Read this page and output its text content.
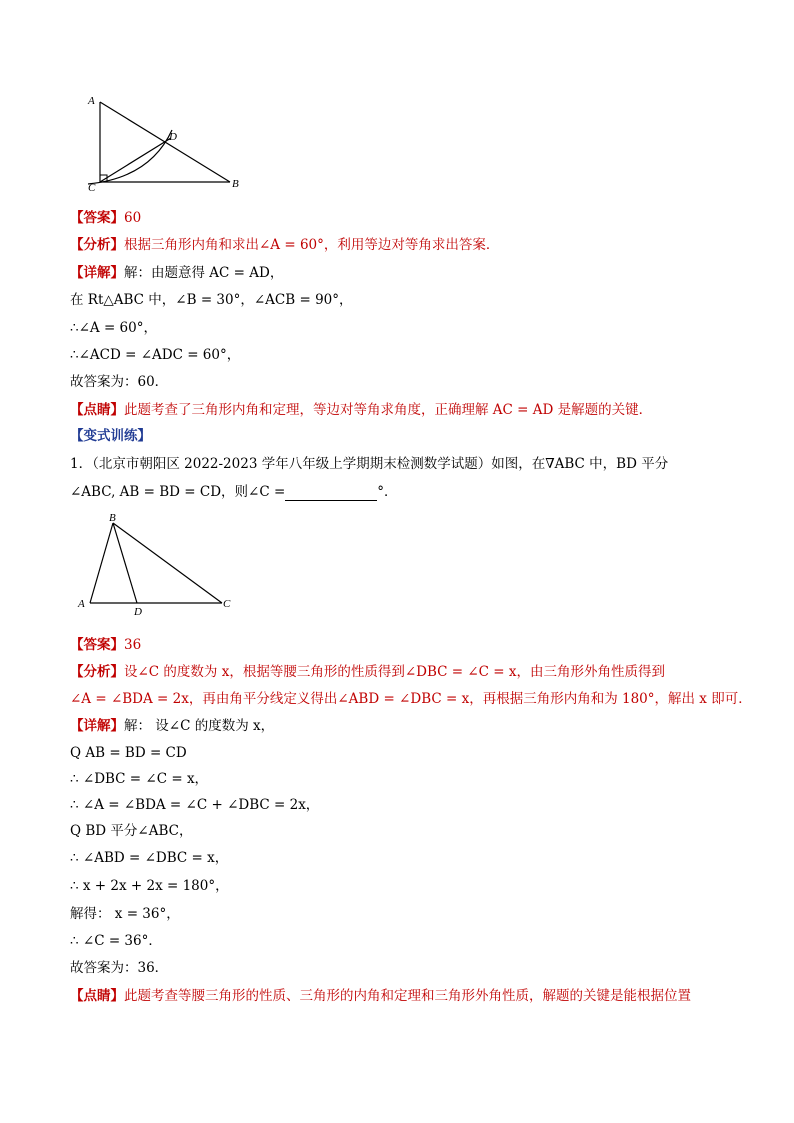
A
D
C	B
【答案】60
【分析】根据三角形内角和求出∠A = 60°，利用等边对等角求出答案．
【详解】解：由题意得 AC = AD，
在 Rt△ABC 中，∠B = 30°，∠ACB = 90°，
∴∠A = 60°，
∴∠ACD = ∠ADC = 60°，
故答案为：60．
【点睛】此题考查了三角形内角和定理，等边对等角求角度，正确理解 AC = AD 是解题的关键．
【变式训练】
1．（北京市朝阳区 2022-2023 学年八年级上学期期末检测数学试题）如图，在∇ABC 中，BD 平分
∠ABC, AB = BD = CD，则∠C =	°．
B
A
D
C
【答案】36
【分析】设∠C 的度数为 x，根据等腰三角形的性质得到∠DBC = ∠C = x，由三角形外角性质得到
∠A = ∠BDA = 2x，再由角平分线定义得出∠ABD = ∠DBC = x，再根据三角形内角和为 180°，解出 x 即可．
【详解】解： 设∠C 的度数为 x，
Q AB = BD = CD
∴ ∠DBC = ∠C = x，
∴ ∠A = ∠BDA = ∠C + ∠DBC = 2x，
Q BD 平分∠ABC，
∴ ∠ABD = ∠DBC = x，
∴ x + 2x + 2x = 180°，
解得： x = 36°，
∴ ∠C = 36°．
故答案为：36．
【点睛】此题考查等腰三角形的性质、三角形的内角和定理和三角形外角性质，解题的关键是能根据位置
